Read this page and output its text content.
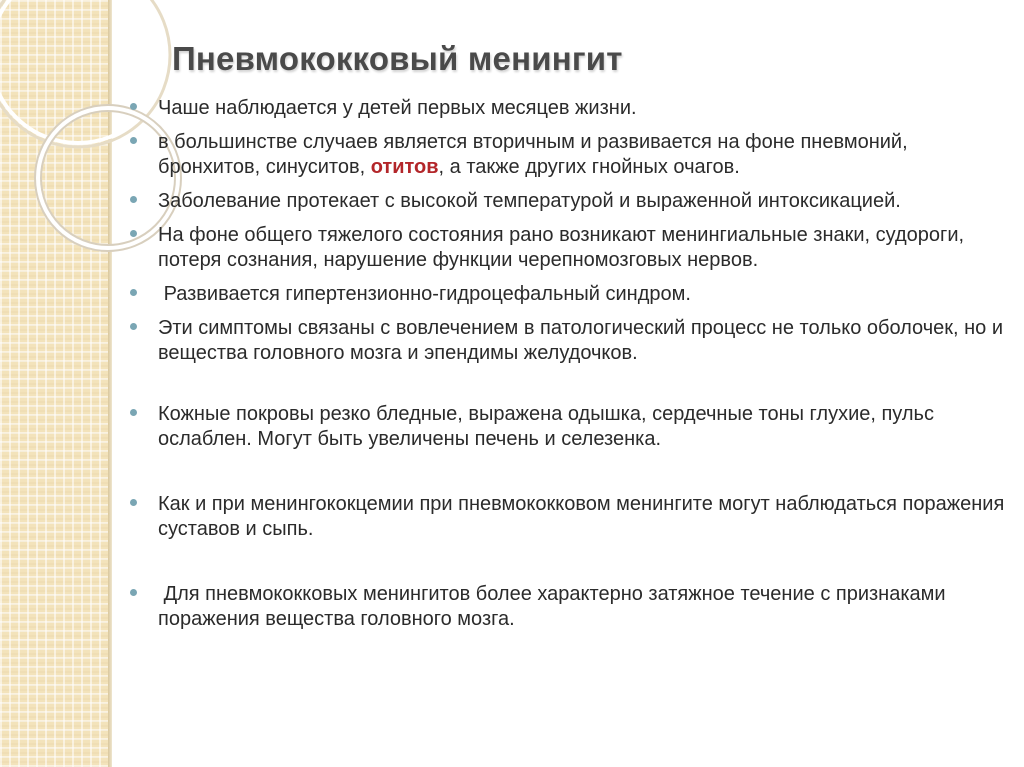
Пневмококковый менингит
Чаше наблюдается у детей первых месяцев жизни.
в большинстве случаев является вторичным и развивается на фоне пневмоний, бронхитов, синуситов, отитов, а также других гнойных очагов.
Заболевание протекает с высокой температурой и выраженной интоксикацией.
На фоне общего тяжелого состояния рано возникают менингиальные знаки, судороги, потеря сознания, нарушение функции черепномозговых нервов.
Развивается гипертензионно-гидроцефальный синдром.
Эти симптомы связаны с вовлечением в патологический процесс не только оболочек, но и вещества головного мозга и эпендимы желудочков.
Кожные покровы резко бледные, выражена одышка, сердечные тоны глухие, пульс ослаблен. Могут быть увеличены печень и селезенка.
Как и при менингококцемии при пневмококковом менингите могут наблюдаться поражения суставов и сыпь.
Для пневмококковых менингитов более характерно затяжное течение с признаками поражения вещества головного мозга.
